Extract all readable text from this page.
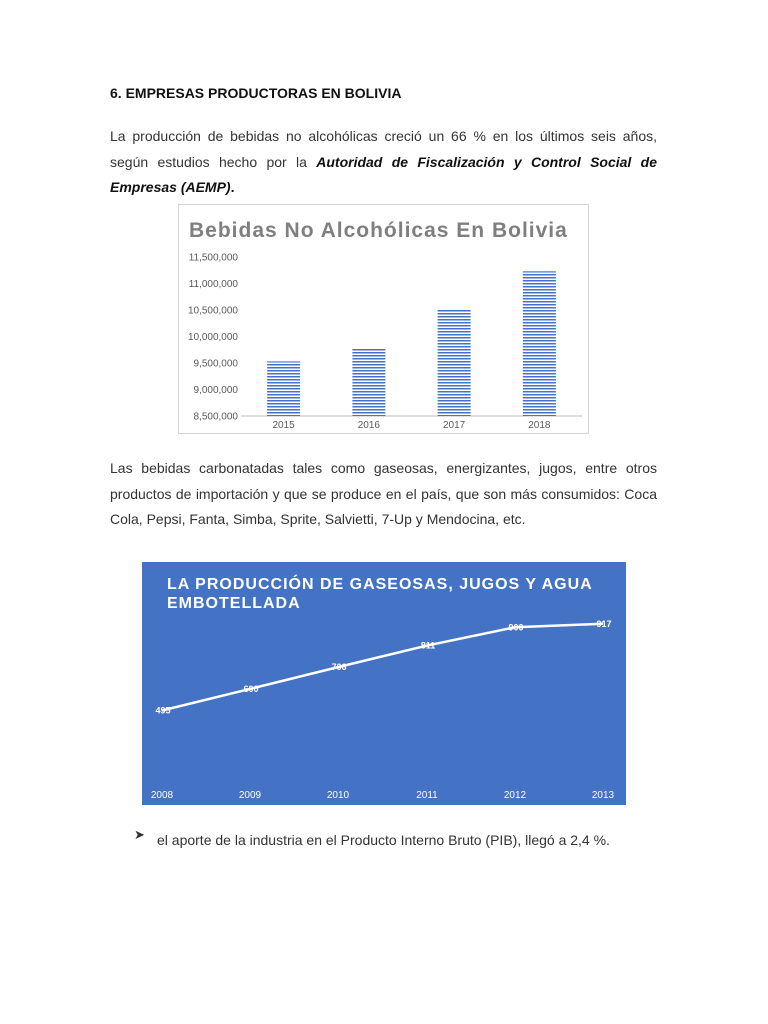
6. EMPRESAS PRODUCTORAS EN BOLIVIA
La producción de bebidas no alcohólicas creció un 66 % en los últimos seis años, según estudios hecho por la Autoridad de Fiscalización y Control Social de Empresas (AEMP).
Bebidas No Alcohólicas En Bolivia
8,500,000
9,000,000
9,500,000
10,000,000
10,500,000
11,000,000
11,500,000
2015	2016	2017	2018
Las bebidas carbonatadas tales como gaseosas, energizantes, jugos, entre otros productos de importación y que se produce en el país, que son más consumidos: Coca Cola, Pepsi, Fanta, Simba, Sprite, Salvietti, 7-Up y Mendocina, etc.
LA PRODUCCIÓN DE GASEOSAS, JUGOS Y AGUA
EMBOTELLADA
495
600
706
811
900	917
2008	2009	2010	2011	2012	2013
➤ el aporte de la industria en el Producto Interno Bruto (PIB), llegó a 2,4 %.
